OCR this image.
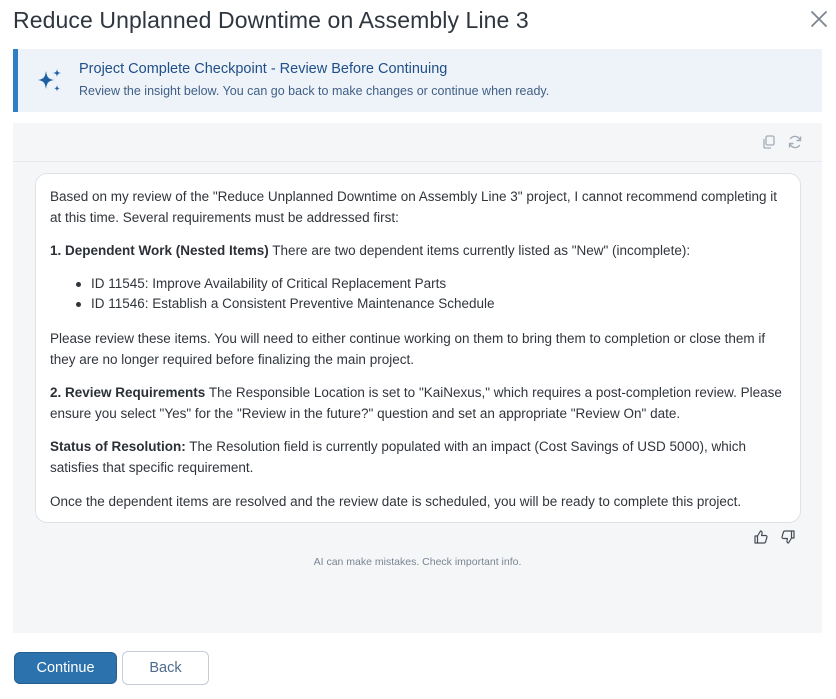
Reduce Unplanned Downtime on Assembly Line 3
Project Complete Checkpoint - Review Before Continuing
Review the insight below. You can go back to make changes or continue when ready.
Based on my review of the "Reduce Unplanned Downtime on Assembly Line 3" project, I cannot recommend completing it
at this time. Several requirements must be addressed first:
1. Dependent Work (Nested Items) There are two dependent items currently listed as "New" (incomplete):
ID 11545: Improve Availability of Critical Replacement Parts
ID 11546: Establish a Consistent Preventive Maintenance Schedule
Please review these items. You will need to either continue working on them to bring them to completion or close them if
they are no longer required before finalizing the main project.
2. Review Requirements The Responsible Location is set to "KaiNexus," which requires a post-completion review. Please
ensure you select "Yes" for the "Review in the future?" question and set an appropriate "Review On" date.
Status of Resolution: The Resolution field is currently populated with an impact (Cost Savings of USD 5000), which
satisfies that specific requirement.
Once the dependent items are resolved and the review date is scheduled, you will be ready to complete this project.
AI can make mistakes. Check important info.
Continue	Back
